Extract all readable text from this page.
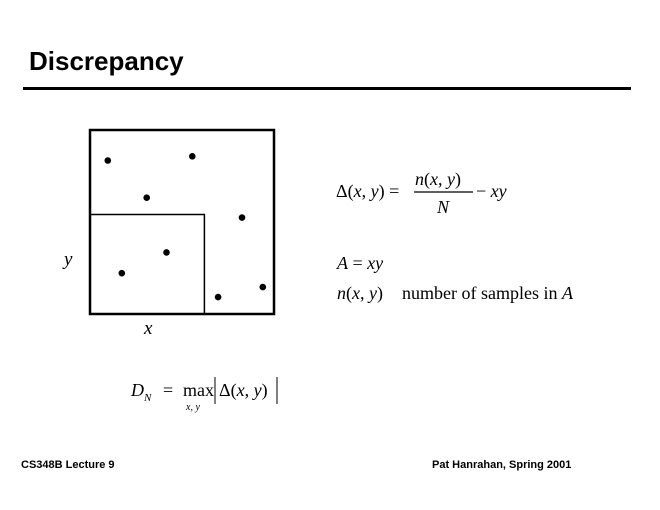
Discrepancy
y
x
Δ(x, y) =
n(x, y)
N
− xy
A = xy
n(x, y) number of samples in A
D N = max
x, y
Δ(x, y)
CS348B Lecture 9	Pat Hanrahan, Spring 2001
